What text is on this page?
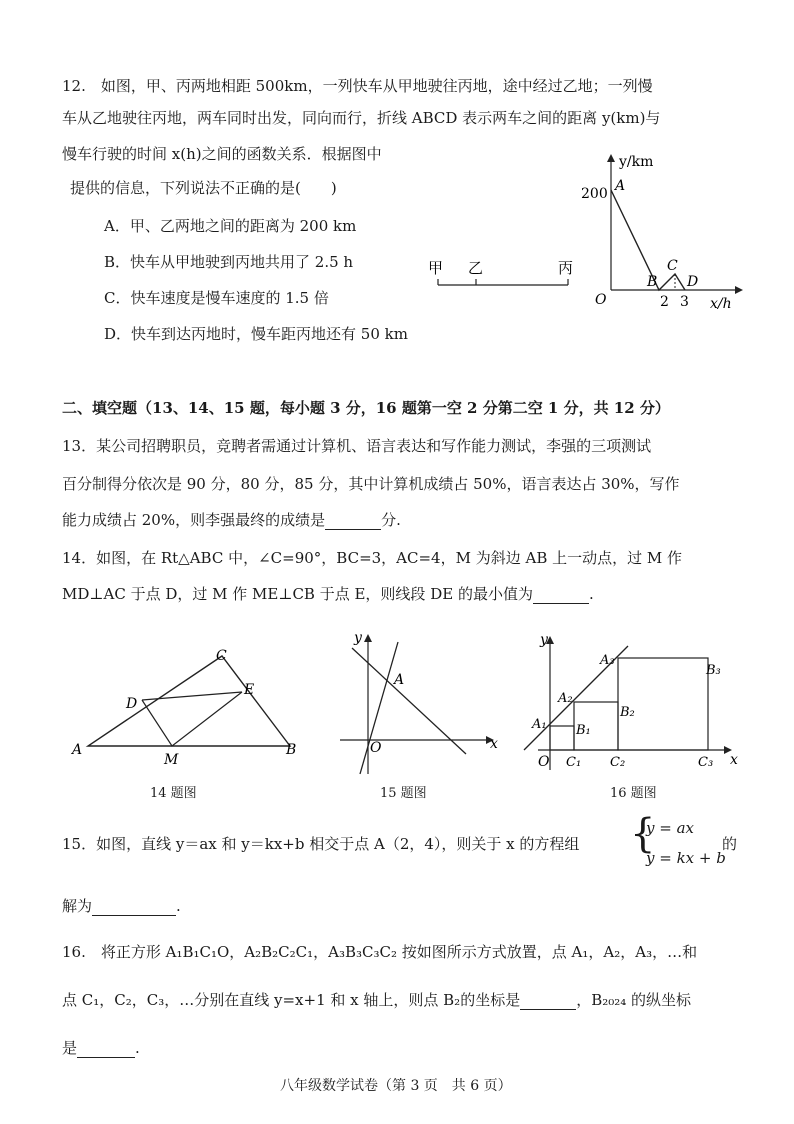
12.　如图，甲、丙两地相距 500km，一列快车从甲地驶往丙地，途中经过乙地；一列慢
车从乙地驶往丙地，两车同时出发，同向而行，折线 ABCD 表示两车之间的距离 y(km)与
慢车行驶的时间 x(h)之间的函数关系．根据图中
提供的信息，下列说法不正确的是(　　)
A．甲、乙两地之间的距离为 200 km
B．快车从甲地驶到丙地共用了 2.5 h
C．快车速度是慢车速度的 1.5 倍
D．快车到达丙地时，慢车距丙地还有 50 km
甲 乙	丙
y/km
200 A
B
C
D
O	2 3 x/h
二、填空题（13、14、15 题，每小题 3 分，16 题第一空 2 分第二空 1 分，共 12 分）
13．某公司招聘职员，竞聘者需通过计算机、语言表达和写作能力测试，李强的三项测试
百分制得分依次是 90 分，80 分，85 分，其中计算机成绩占 50%，语言表达占 30%，写作
能力成绩占 20%，则李强最终的成绩是	分.
14．如图，在 Rt△ABC 中，∠C=90°，BC=3，AC=4，M 为斜边 AB 上一动点，过 M 作
MD⊥AC 于点 D，过 M 作 ME⊥CB 于点 E，则线段 DE 的最小值为	.
A	B
C
D
E
M
14 题图
y
x
A
O
15 题图
y
x
O
A₁
A₂
A₃
B₁
B₂
B₃
C₁ C₂	C₃
16 题图
15．如图，直线 y＝ax 和 y＝kx+b 相交于点 A（2，4），则关于 x 的方程组 {
y = ax
y = kx + b
的
解为	.
16.　将正方形 A₁B₁C₁O，A₂B₂C₂C₁，A₃B₃C₃C₂ 按如图所示方式放置，点 A₁，A₂，A₃，…和
点 C₁，C₂，C₃，…分别在直线 y=x+1 和 x 轴上，则点 B₂的坐标是	，B₂₀₂₄ 的纵坐标
是	.
八年级数学试卷（第 3 页　共 6 页）
